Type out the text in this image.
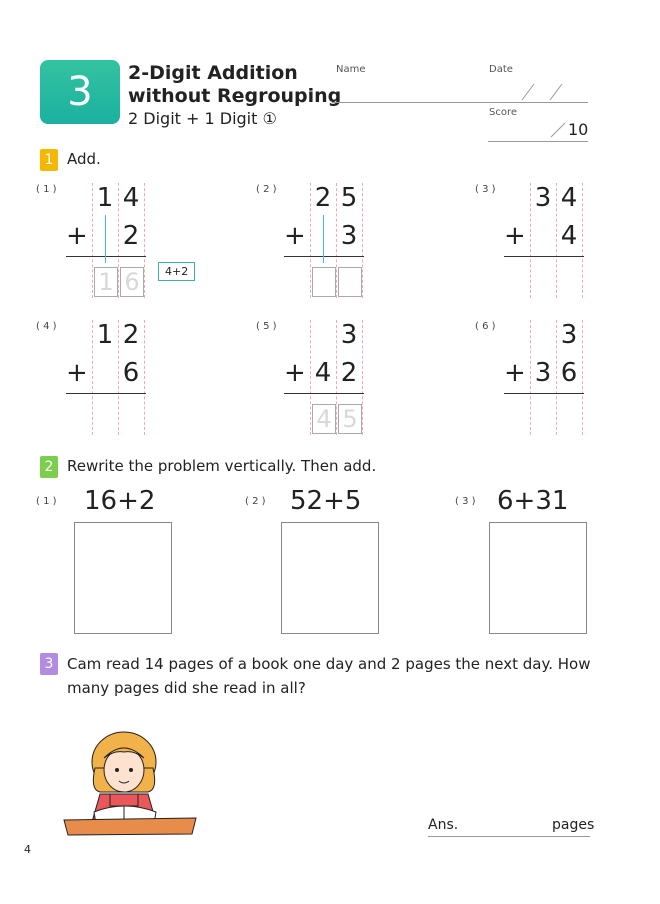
3	2-Digit Addition
without Regrouping
2 Digit + 1 Digit ①
Name	Date
Score
10
1 Add.
( 1 ) 1 4
+ 2
1 6	4+2
( 2 ) 2 5
+ 3
( 3 ) 3 4
+ 4
( 4 ) 1 2
+ 6
( 5 ) 3
+ 4 2
4 5
( 6 )	3
+ 3 6
2 Rewrite the problem vertically. Then add.
( 1 ) 16+2	( 2 ) 52+5	( 3 ) 6+31
3 Cam read 14 pages of a book one day and 2 pages the next day. How
many pages did she read in all?
Ans.	pages
4
